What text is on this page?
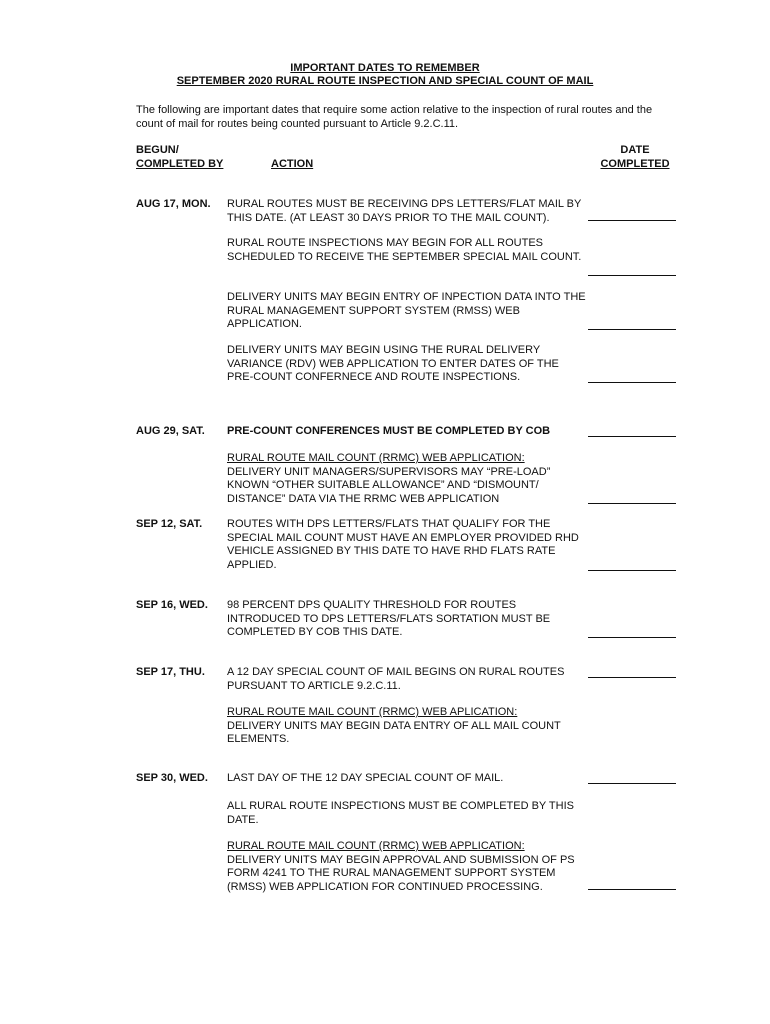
IMPORTANT DATES TO REMEMBER
SEPTEMBER 2020 RURAL ROUTE INSPECTION AND SPECIAL COUNT OF MAIL
The following are important dates that require some action relative to the inspection of rural routes and the count of mail for routes being counted pursuant to Article 9.2.C.11.
BEGUN/
COMPLETED BY	ACTION
DATE
COMPLETED
AUG 17, MON. RURAL ROUTES MUST BE RECEIVING DPS LETTERS/FLAT MAIL BY THIS DATE. (AT LEAST 30 DAYS PRIOR TO THE MAIL COUNT).
RURAL ROUTE INSPECTIONS MAY BEGIN FOR ALL ROUTES SCHEDULED TO RECEIVE THE SEPTEMBER SPECIAL MAIL COUNT.
DELIVERY UNITS MAY BEGIN ENTRY OF INPECTION DATA INTO THE RURAL MANAGEMENT SUPPORT SYSTEM (RMSS) WEB APPLICATION.
DELIVERY UNITS MAY BEGIN USING THE RURAL DELIVERY VARIANCE (RDV) WEB APPLICATION TO ENTER DATES OF THE PRE-COUNT CONFERNECE AND ROUTE INSPECTIONS.
AUG 29, SAT. PRE-COUNT CONFERENCES MUST BE COMPLETED BY COB
RURAL ROUTE MAIL COUNT (RRMC) WEB APPLICATION:
DELIVERY UNIT MANAGERS/SUPERVISORS MAY “PRE-LOAD” KNOWN “OTHER SUITABLE ALLOWANCE” AND “DISMOUNT/ DISTANCE” DATA VIA THE RRMC WEB APPLICATION
SEP 12, SAT. ROUTES WITH DPS LETTERS/FLATS THAT QUALIFY FOR THE SPECIAL MAIL COUNT MUST HAVE AN EMPLOYER PROVIDED RHD VEHICLE ASSIGNED BY THIS DATE TO HAVE RHD FLATS RATE APPLIED.
SEP 16, WED. 98 PERCENT DPS QUALITY THRESHOLD FOR ROUTES INTRODUCED TO DPS LETTERS/FLATS SORTATION MUST BE COMPLETED BY COB THIS DATE.
SEP 17, THU. A 12 DAY SPECIAL COUNT OF MAIL BEGINS ON RURAL ROUTES PURSUANT TO ARTICLE 9.2.C.11.
RURAL ROUTE MAIL COUNT (RRMC) WEB APLICATION:
DELIVERY UNITS MAY BEGIN DATA ENTRY OF ALL MAIL COUNT ELEMENTS.
SEP 30, WED. LAST DAY OF THE 12 DAY SPECIAL COUNT OF MAIL.
ALL RURAL ROUTE INSPECTIONS MUST BE COMPLETED BY THIS DATE.
RURAL ROUTE MAIL COUNT (RRMC) WEB APPLICATION:
DELIVERY UNITS MAY BEGIN APPROVAL AND SUBMISSION OF PS FORM 4241 TO THE RURAL MANAGEMENT SUPPORT SYSTEM (RMSS) WEB APPLICATION FOR CONTINUED PROCESSING.
